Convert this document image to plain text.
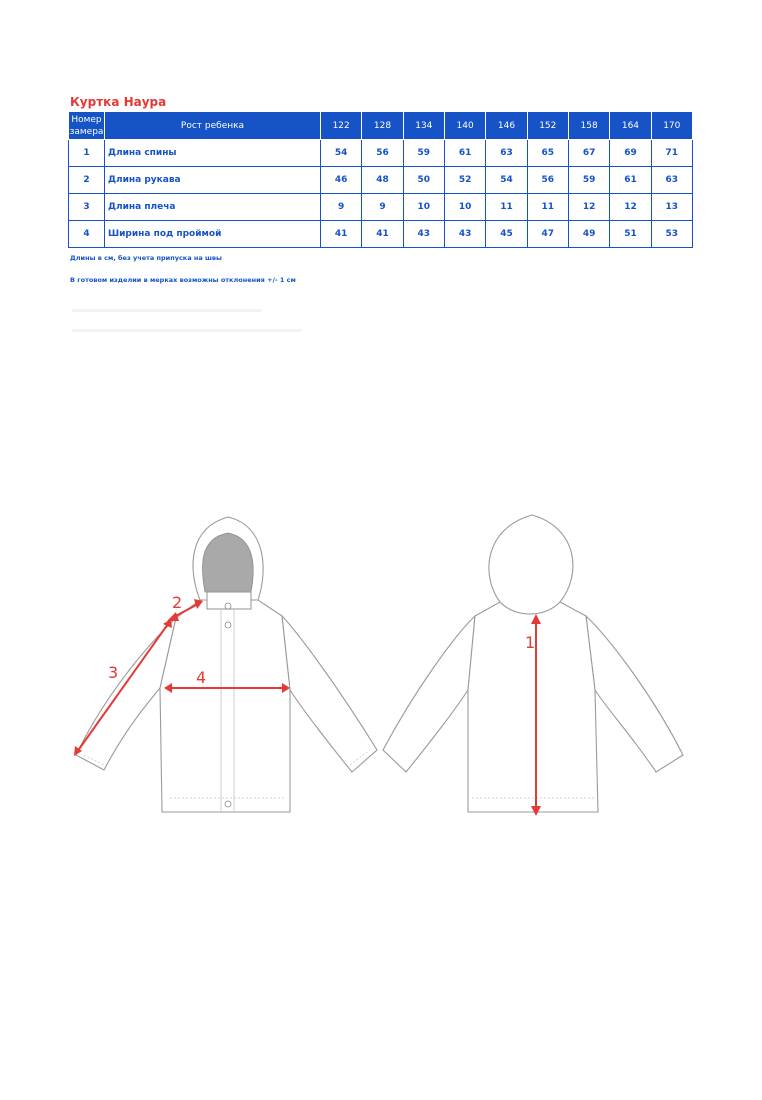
Куртка Наура
Номер замера	Рост ребенка	122	128	134	140	146	152	158	164	170
1	Длина спины	54	56	59	61	63	65	67	69	71
2	Длина рукава	46	48	50	52	54	56	59	61	63
3	Длина плеча	9	9	10	10	11	11	12	12	13
4	Ширина под проймой	41	41	43	43	45	47	49	51	53
Длины в см, без учета припуска на швы
В готовом изделии в мерках возможны отклонения +/- 1 см
1
2
3	4
